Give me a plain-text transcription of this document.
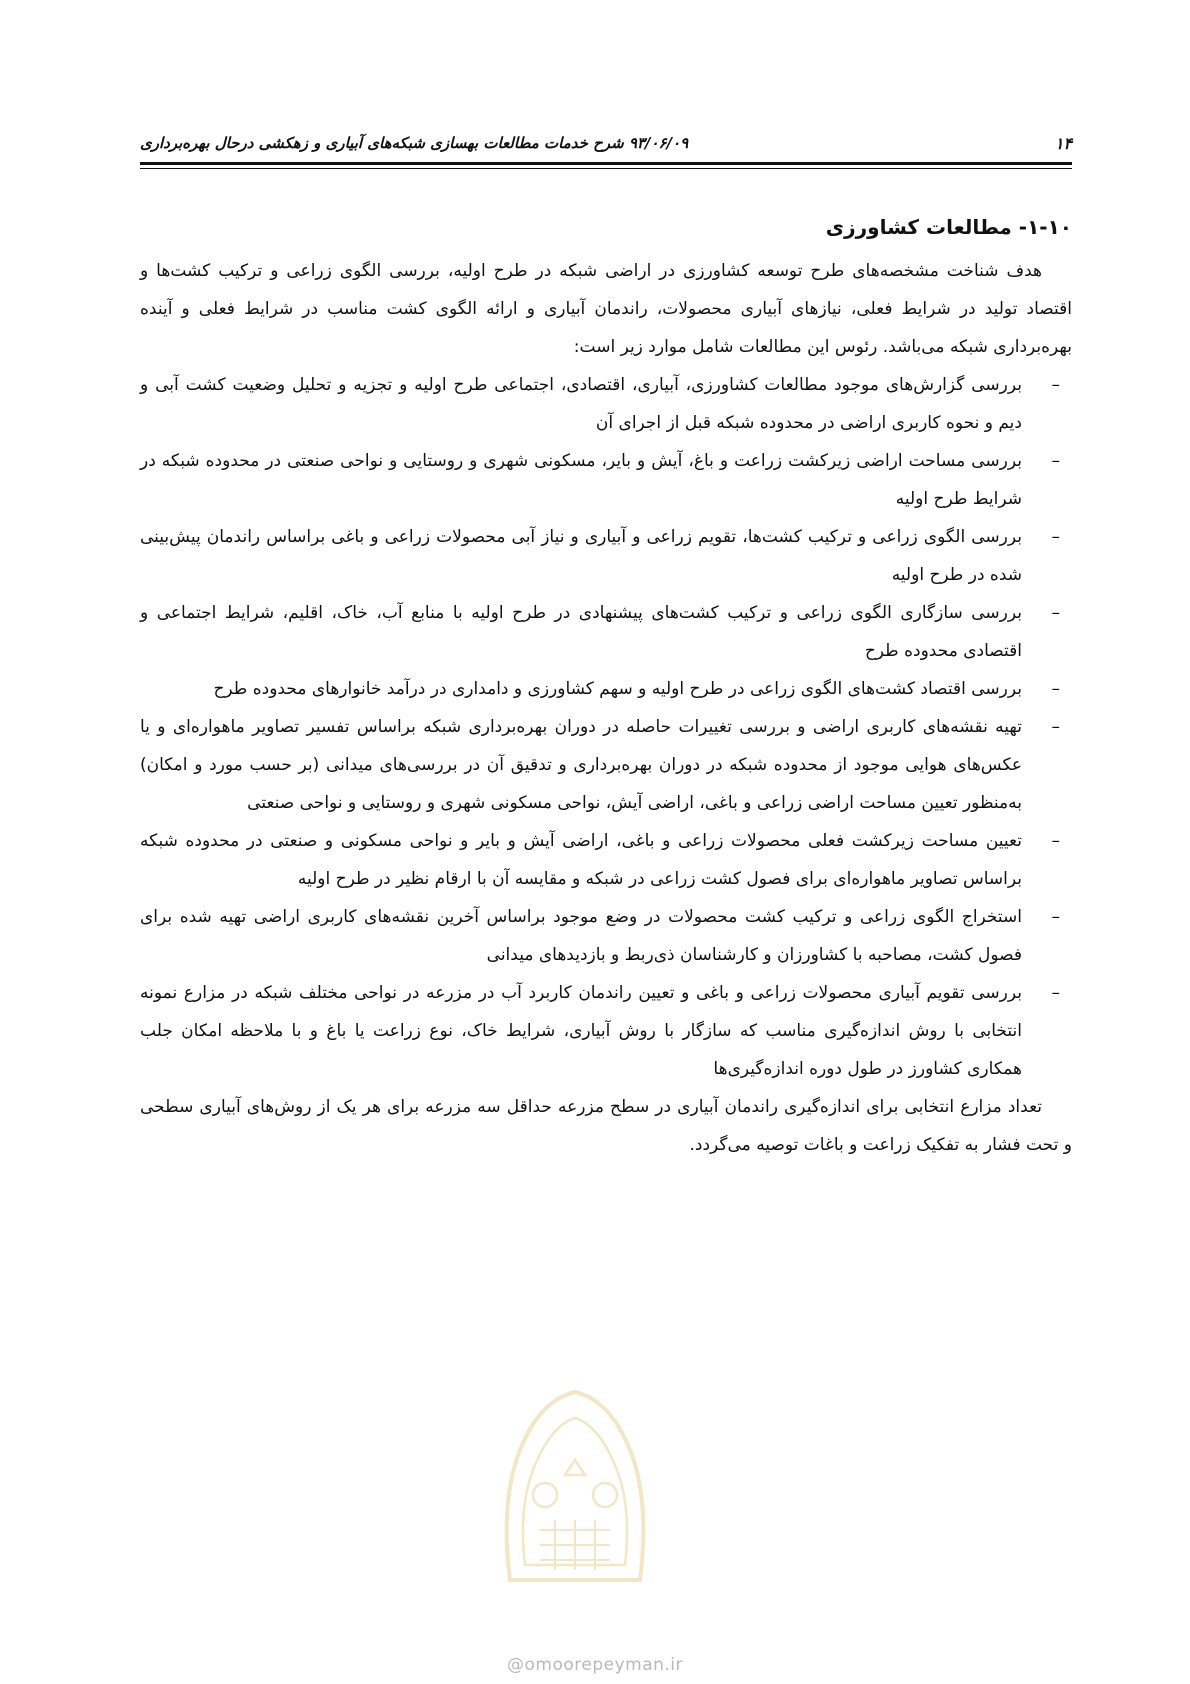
۱۴
۹۳/۰۶/۰۹ شرح خدمات مطالعات بهسازی شبکه‌های آبیاری و زهکشی درحال بهره‌برداری
۱-۱۰- مطالعات کشاورزی

هدف شناخت مشخصه‌های طرح توسعه کشاورزی در اراضی شبکه در طرح اولیه، بررسی الگوی زراعی و ترکیب کشت‌ها و اقتصاد تولید در شرایط فعلی، نیازهای آبیاری محصولات، راندمان آبیاری و ارائه الگوی کشت مناسب در شرایط فعلی و آینده بهره‌برداری شبکه می‌باشد. رئوس این مطالعات شامل موارد زیر است:

–
بررسی گزارش‌های موجود مطالعات کشاورزی، آبیاری، اقتصادی، اجتماعی طرح اولیه و تجزیه و تحلیل وضعیت کشت آبی و دیم و نحوه کاربری اراضی در محدوده شبکه قبل از اجرای آن
–
بررسی مساحت اراضی زیرکشت زراعت و باغ، آیش و بایر، مسکونی شهری و روستایی و نواحی صنعتی در محدوده شبکه در شرایط طرح اولیه
–
بررسی الگوی زراعی و ترکیب کشت‌ها، تقویم زراعی و آبیاری و نیاز آبی محصولات زراعی و باغی براساس راندمان پیش‌بینی شده در طرح اولیه
–
بررسی سازگاری الگوی زراعی و ترکیب کشت‌های پیشنهادی در طرح اولیه با منابع آب، خاک، اقلیم، شرایط اجتماعی و اقتصادی محدوده طرح
–
بررسی اقتصاد کشت‌های الگوی زراعی در طرح اولیه و سهم کشاورزی و دامداری در درآمد خانوارهای محدوده طرح
–
تهیه نقشه‌های کاربری اراضی و بررسی تغییرات حاصله در دوران بهره‌برداری شبکه براساس تفسیر تصاویر ماهواره‌ای و یا عکس‌های هوایی موجود از محدوده شبکه در دوران بهره‌برداری و تدقیق آن در بررسی‌های میدانی (بر حسب مورد و امکان) به‌منظور تعیین مساحت اراضی زراعی و باغی، اراضی آیش، نواحی مسکونی شهری و روستایی و نواحی صنعتی
–
تعیین مساحت زیرکشت فعلی محصولات زراعی و باغی، اراضی آیش و بایر و نواحی مسکونی و صنعتی در محدوده شبکه براساس تصاویر ماهواره‌ای برای فصول کشت زراعی در شبکه و مقایسه آن با ارقام نظیر در طرح اولیه
–
استخراج الگوی زراعی و ترکیب کشت محصولات در وضع موجود براساس آخرین نقشه‌های کاربری اراضی تهیه شده برای فصول کشت، مصاحبه با کشاورزان و کارشناسان ذی‌ربط و بازدیدهای میدانی
–
بررسی تقویم آبیاری محصولات زراعی و باغی و تعیین راندمان کاربرد آب در مزرعه در نواحی مختلف شبکه در مزارع نمونه انتخابی با روش اندازه‌گیری مناسب که سازگار با روش آبیاری، شرایط خاک، نوع زراعت یا باغ و با ملاحظه امکان جلب همکاری کشاورز در طول دوره اندازه‌گیری‌ها

تعداد مزارع انتخابی برای اندازه‌گیری راندمان آبیاری در سطح مزرعه حداقل سه مزرعه برای هر یک از روش‌های آبیاری سطحی و تحت فشار به تفکیک زراعت و باغات توصیه می‌گردد.

@omoorepeyman.ir
